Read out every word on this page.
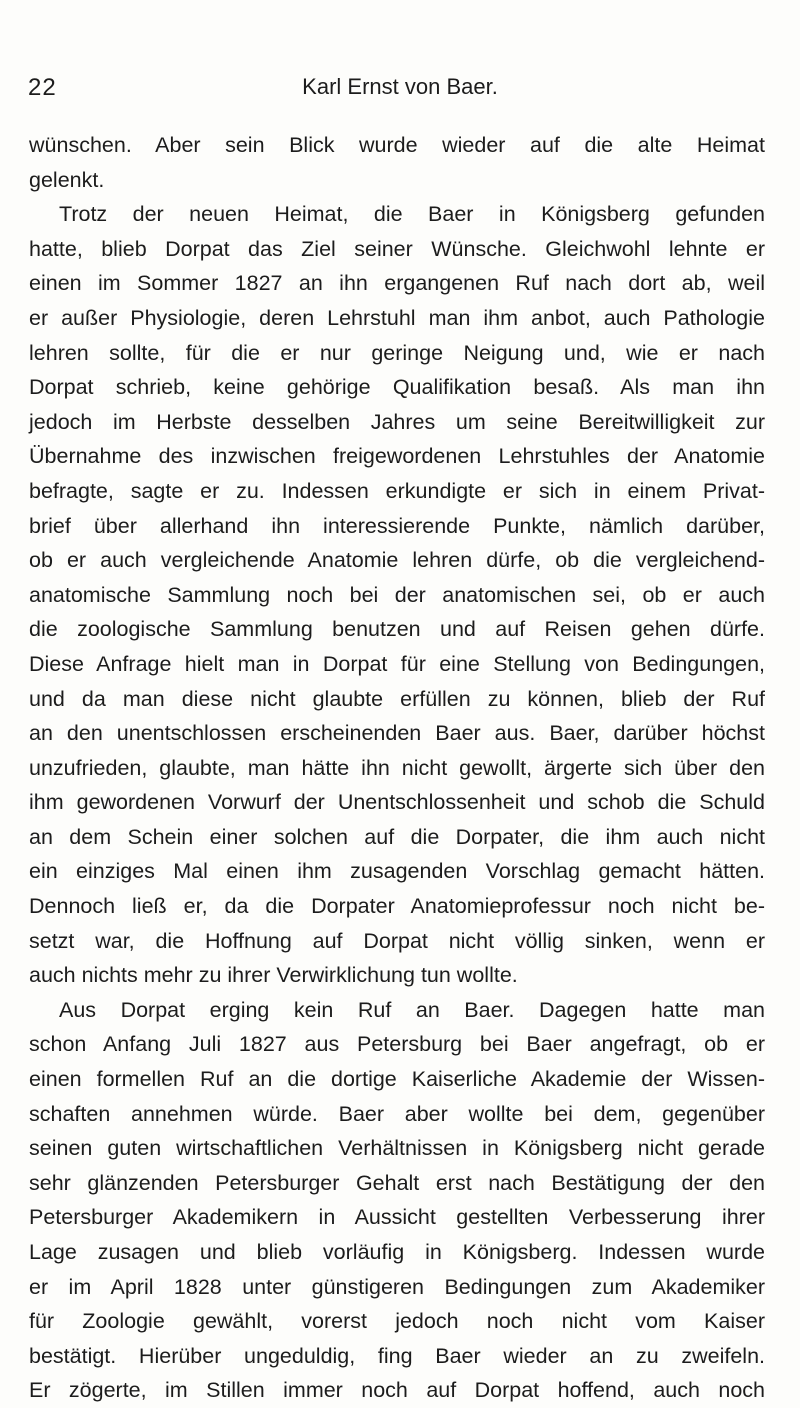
22	Karl Ernst von Baer.
wünschen. Aber sein Blick wurde wieder auf die alte Heimat
gelenkt.
Trotz der neuen Heimat, die Baer in Königsberg gefunden
hatte, blieb Dorpat das Ziel seiner Wünsche. Gleichwohl lehnte er
einen im Sommer 1827 an ihn ergangenen Ruf nach dort ab, weil
er außer Physiologie, deren Lehrstuhl man ihm anbot, auch Pathologie
lehren sollte, für die er nur geringe Neigung und, wie er nach
Dorpat schrieb, keine gehörige Qualifikation besaß. Als man ihn
jedoch im Herbste desselben Jahres um seine Bereitwilligkeit zur
Übernahme des inzwischen freigewordenen Lehrstuhles der Anatomie
befragte, sagte er zu. Indessen erkundigte er sich in einem Privat-
brief über allerhand ihn interessierende Punkte, nämlich darüber,
ob er auch vergleichende Anatomie lehren dürfe, ob die vergleichend-
anatomische Sammlung noch bei der anatomischen sei, ob er auch
die zoologische Sammlung benutzen und auf Reisen gehen dürfe.
Diese Anfrage hielt man in Dorpat für eine Stellung von Bedingungen,
und da man diese nicht glaubte erfüllen zu können, blieb der Ruf
an den unentschlossen erscheinenden Baer aus. Baer, darüber höchst
unzufrieden, glaubte, man hätte ihn nicht gewollt, ärgerte sich über den
ihm gewordenen Vorwurf der Unentschlossenheit und schob die Schuld
an dem Schein einer solchen auf die Dorpater, die ihm auch nicht
ein einziges Mal einen ihm zusagenden Vorschlag gemacht hätten.
Dennoch ließ er, da die Dorpater Anatomieprofessur noch nicht be-
setzt war, die Hoffnung auf Dorpat nicht völlig sinken, wenn er
auch nichts mehr zu ihrer Verwirklichung tun wollte.
Aus Dorpat erging kein Ruf an Baer. Dagegen hatte man
schon Anfang Juli 1827 aus Petersburg bei Baer angefragt, ob er
einen formellen Ruf an die dortige Kaiserliche Akademie der Wissen-
schaften annehmen würde. Baer aber wollte bei dem, gegenüber
seinen guten wirtschaftlichen Verhältnissen in Königsberg nicht gerade
sehr glänzenden Petersburger Gehalt erst nach Bestätigung der den
Petersburger Akademikern in Aussicht gestellten Verbesserung ihrer
Lage zusagen und blieb vorläufig in Königsberg. Indessen wurde
er im April 1828 unter günstigeren Bedingungen zum Akademiker
für Zoologie gewählt, vorerst jedoch noch nicht vom Kaiser
bestätigt. Hierüber ungeduldig, fing Baer wieder an zu zweifeln.
Er zögerte, im Stillen immer noch auf Dorpat hoffend, auch noch
